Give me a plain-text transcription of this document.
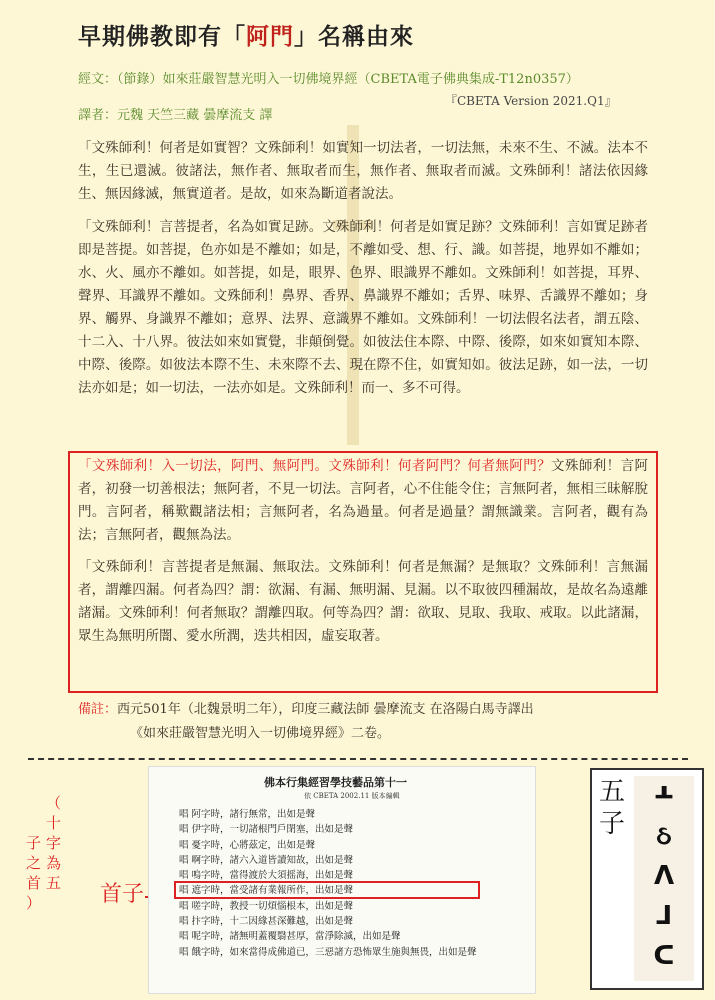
早期佛教即有「阿門」名稱由來
經文：（節錄）如來莊嚴智慧光明入一切佛境界經（CBETA電子佛典集成-T12n0357）
『CBETA Version 2021.Q1』
譯者：元魏 天竺三藏 曇摩流支 譯
「文殊師利！何者是如實智？文殊師利！如實知一切法者，一切法無，未來不生、不滅。法本不生，生已還滅。彼諸法，無作者、無取者而生，無作者、無取者而滅。文殊師利！諸法依因緣生、無因緣滅，無實道者。是故，如來為斷道者說法。
「文殊師利！言菩提者，名為如實足跡。文殊師利！何者是如實足跡？文殊師利！言如實足跡者即是菩提。如菩提，色亦如是不離如；如是，不離如受、想、行、識。如菩提，地界如不離如；水、火、風亦不離如。如菩提，如是，眼界、色界、眼識界不離如。文殊師利！如菩提，耳界、聲界、耳識界不離如。文殊師利！鼻界、香界、鼻識界不離如；舌界、味界、舌識界不離如；身界、觸界、身識界不離如；意界、法界、意識界不離如。文殊師利！一切法假名法者，謂五陰、十二入、十八界。彼法如來如實覺，非顛倒覺。如彼法住本際、中際、後際，如來如實知本際、中際、後際。如彼法本際不生、未來際不去、現在際不住，如實知如。彼法足跡，如一法，一切法亦如是；如一切法，一法亦如是。文殊師利！而一、多不可得。
「文殊師利！入一切法，阿門、無阿門。文殊師利！何者阿門？何者無阿門？文殊師利！言阿者，初發一切善根法；無阿者，不見一切法。言阿者，心不住能令住；言無阿者，無相三昧解脫門。言阿者，稱歎觀諸法相；言無阿者，名為過量。何者是過量？謂無識業。言阿者，觀有為法；言無阿者，觀無為法。
「文殊師利！言菩提者是無漏、無取法。文殊師利！何者是無漏？是無取？文殊師利！言無漏者，謂離四漏。何者為四？謂：欲漏、有漏、無明漏、見漏。以不取彼四種漏故，是故名為遠離諸漏。文殊師利！何者無取？謂離四取。何等為四？謂：欲取、見取、我取、戒取。以此諸漏，眾生為無明所闇、愛水所潤，迭共相因，虛妄取著。
備註：西元501年（北魏景明二年），印度三藏法師 曇摩流支 在洛陽白馬寺譯出
《如來莊嚴智慧光明入一切佛境界經》二卷。
（
十
字
為
五

子
之
首
）	首子
佛本行集經習學技藝品第十一
依 CBETA 2002.11 版本編輯
唱 阿字時，諸行無常，出如是聲
唱 伊字時，一切諸根門戶閉塞，出如是聲
唱 憂字時，心將茲定，出如是聲
唱 啊字時，諸六入道皆讀知故，出如是聲
唱 嗚字時，當得渡於大須摇海，出如是聲
唱 遮字時，當受諸有業報所作，出如是聲
唱 嗟字時，教授一切煩惱根本，出如是聲
唱 抃字時，十二因緣甚深難越，出如是聲
唱 呢字時，諸無明蓋覆翳甚厚，當淨除滅，出如是聲
唱 餓字時，如來當得成佛道已，三惡諸方恐怖眾生施與無畏，出如是聲
五
子
ᚆ
ઠ
ᐱ
ᒧ
ᑕ
